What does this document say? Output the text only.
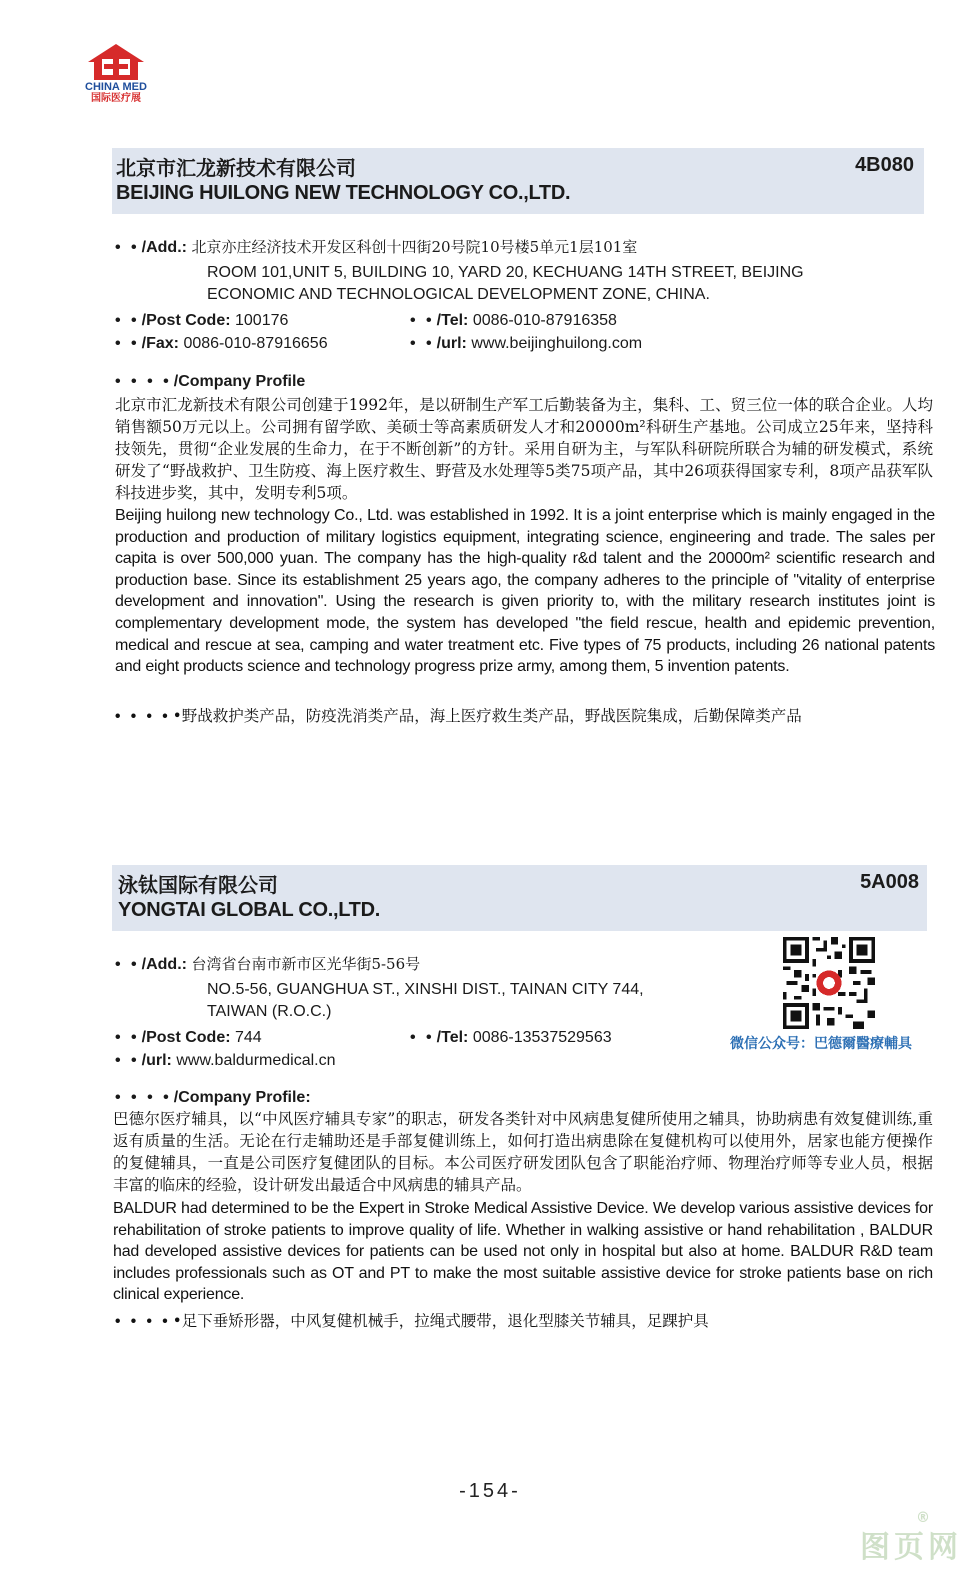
CHINA MED
国际医疗展
北京市汇龙新技术有限公司
BEIJING HUILONG NEW TECHNOLOGY CO.,LTD.
4B080
• • /Add.: 北京亦庄经济技术开发区科创十四街20号院10号楼5单元1层101室
ROOM 101,UNIT 5, BUILDING 10, YARD 20, KECHUANG 14TH STREET, BEIJING
ECONOMIC AND TECHNOLOGICAL DEVELOPMENT ZONE, CHINA.
• • /Post Code: 100176	• • /Tel: 0086-010-87916358
• • /Fax: 0086-010-87916656	• • /url: www.beijinghuilong.com
• • • • /Company Profile
北京市汇龙新技术有限公司创建于1992年，是以研制生产军工后勤装备为主，集科、工、贸三位一体的联合企业。人均销售额50万元以上。公司拥有留学欧、美硕士等高素质研发人才和20000m²科研生产基地。公司成立25年来，坚持科技领先，贯彻“企业发展的生命力，在于不断创新”的方针。采用自研为主，与军队科研院所联合为辅的研发模式，系统研发了“野战救护、卫生防疫、海上医疗救生、野营及水处理等5类75项产品，其中26项获得国家专利，8项产品获军队科技进步奖，其中，发明专利5项。
Beijing huilong new technology Co., Ltd. was established in 1992. It is a joint enterprise which is mainly engaged in the production and production of military logistics equipment, integrating science, engineering and trade. The sales per capita is over 500,000 yuan. The company has the high-quality r&d talent and the 20000m² scientific research and production base. Since its establishment 25 years ago, the company adheres to the principle of "vitality of enterprise development and innovation". Using the research is given priority to, with the military research institutes joint is complementary development mode, the system has developed "the field rescue, health and epidemic prevention, medical and rescue at sea, camping and water treatment etc. Five types of 75 products, including 26 national patents and eight products science and technology progress prize army, among them, 5 invention patents.
• • • • •野战救护类产品，防疫洗消类产品，海上医疗救生类产品，野战医院集成，后勤保障类产品
泳钛国际有限公司
YONGTAI GLOBAL CO.,LTD.
5A008
• • /Add.: 台湾省台南市新市区光华街5-56号
NO.5-56, GUANGHUA ST., XINSHI DIST., TAINAN CITY 744,
TAIWAN (R.O.C.)
• • /Post Code: 744	• • /Tel: 0086-13537529563
• • /url: www.baldurmedical.cn
微信公众号：巴德爾醫療輔具
• • • • /Company Profile:
巴德尔医疗辅具，以“中风医疗辅具专家”的职志，研发各类针对中风病患复健所使用之辅具，协助病患有效复健训练,重返有质量的生活。无论在行走辅助还是手部复健训练上，如何打造出病患除在复健机构可以使用外，居家也能方便操作的复健辅具，一直是公司医疗复健团队的目标。本公司医疗研发团队包含了职能治疗师、物理治疗师等专业人员，根据丰富的临床的经验，设计研发出最适合中风病患的辅具产品。
BALDUR had determined to be the Expert in Stroke Medical Assistive Device. We develop various assistive devices for rehabilitation of stroke patients to improve quality of life. Whether in walking assistive or hand rehabilitation , BALDUR had developed assistive devices for patients can be used not only in hospital but also at home. BALDUR R&D team includes professionals such as OT and PT to make the most suitable assistive device for stroke patients base on rich clinical experience.
• • • • •足下垂矫形器，中风复健机械手，拉绳式腰带，退化型膝关节辅具，足踝护具
-154-
图页网
®
